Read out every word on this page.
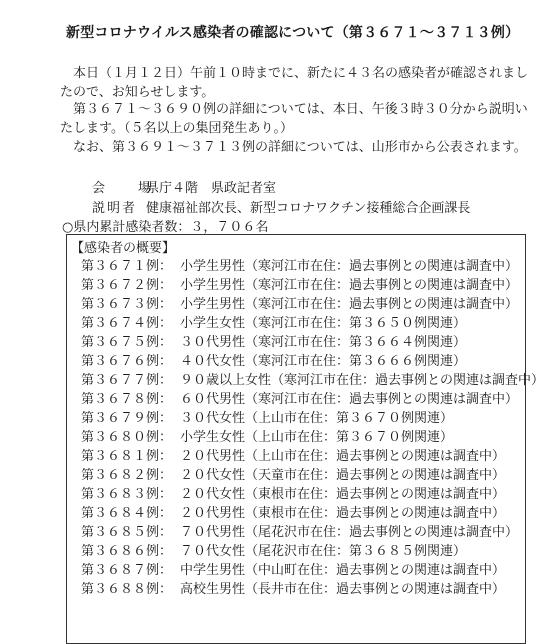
新型コロナウイルス感染者の確認について（第３６７１～３７１３例）
　本日（１月１２日）午前１０時までに、新たに４３名の感染者が確認されましたので、お知らせします。
　第３６７１～３６９０例の詳細については、本日、午後３時３０分から説明いたします。（５名以上の集団発生あり。）
　なお、第３６９１～３７１３例の詳細については、山形市から公表されます。
会　場
県庁４階　県政記者室
説明者 健康福祉部次長、新型コロナワクチン接種総合企画課長
○県内累計感染者数：３，７０６名
【感染者の概要】
第３６７１例： 小学生男性（寒河江市在住：過去事例との関連は調査中）
第３６７２例： 小学生男性（寒河江市在住：過去事例との関連は調査中）
第３６７３例： 小学生男性（寒河江市在住：過去事例との関連は調査中）
第３６７４例： 小学生女性（寒河江市在住：第３６５０例関連）
第３６７５例： ３０代男性（寒河江市在住：第３６６４例関連）
第３６７６例： ４０代女性（寒河江市在住：第３６６６例関連）
第３６７７例： ９０歳以上女性（寒河江市在住：過去事例との関連は調査中）
第３６７８例： ６０代男性（寒河江市在住：過去事例との関連は調査中）
第３６７９例： ３０代女性（上山市在住：第３６７０例関連）
第３６８０例： 小学生女性（上山市在住：第３６７０例関連）
第３６８１例： ２０代男性（上山市在住：過去事例との関連は調査中）
第３６８２例： ２０代女性（天童市在住：過去事例との関連は調査中）
第３６８３例： ２０代女性（東根市在住：過去事例との関連は調査中）
第３６８４例： ２０代男性（東根市在住：過去事例との関連は調査中）
第３６８５例： ７０代男性（尾花沢市在住：過去事例との関連は調査中）
第３６８６例： ７０代女性（尾花沢市在住：第３６８５例関連）
第３６８７例： 中学生男性（中山町在住：過去事例との関連は調査中）
第３６８８例： 高校生男性（長井市在住：過去事例との関連は調査中）
